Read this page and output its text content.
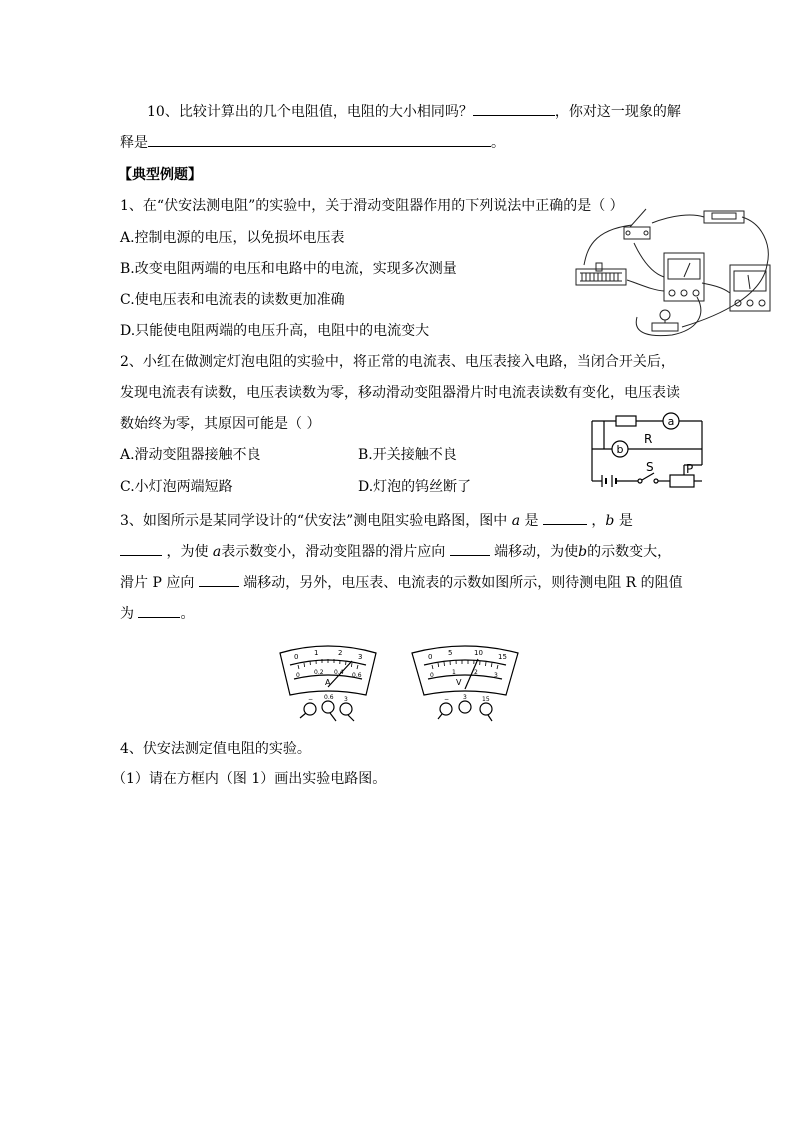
10、比较计算出的几个电阻值，电阻的大小相同吗？	，你对这一现象的解
释是	。
【典型例题】
1、在“伏安法测电阻”的实验中，关于滑动变阻器作用的下列说法中正确的是（ ）
A.控制电源的电压，以免损坏电压表
B.改变电阻两端的电压和电路中的电流，实现多次测量
C.使电压表和电流表的读数更加准确
D.只能使电阻两端的电压升高，电阻中的电流变大
2、小红在做测定灯泡电阻的实验中，将正常的电流表、电压表接入电路，当闭合开关后，
发现电流表有读数，电压表读数为零，移动滑动变阻器滑片时电流表读数有变化，电压表读
数始终为零，其原因可能是（ ）
A.滑动变阻器接触不良	B.开关接触不良
C.小灯泡两端短路	D.灯泡的钨丝断了
a
b
R
S	P
3、如图所示是某同学设计的“伏安法”测电阻实验电路图，图中 a 是	，b 是
，为使 a表示数变小，滑动变阻器的滑片应向	端移动，为使b的示数变大，
滑片 P 应向	端移动，另外，电压表、电流表的示数如图所示，则待测电阻 R 的阻值
为	。
0 1	2 3
0 0.2 0.4 0.6
A
− 0.6 3
0 5	10 15
0	1	2	3
V
− 3	15
4、伏安法测定值电阻的实验。
（1）请在方框内（图 1）画出实验电路图。
